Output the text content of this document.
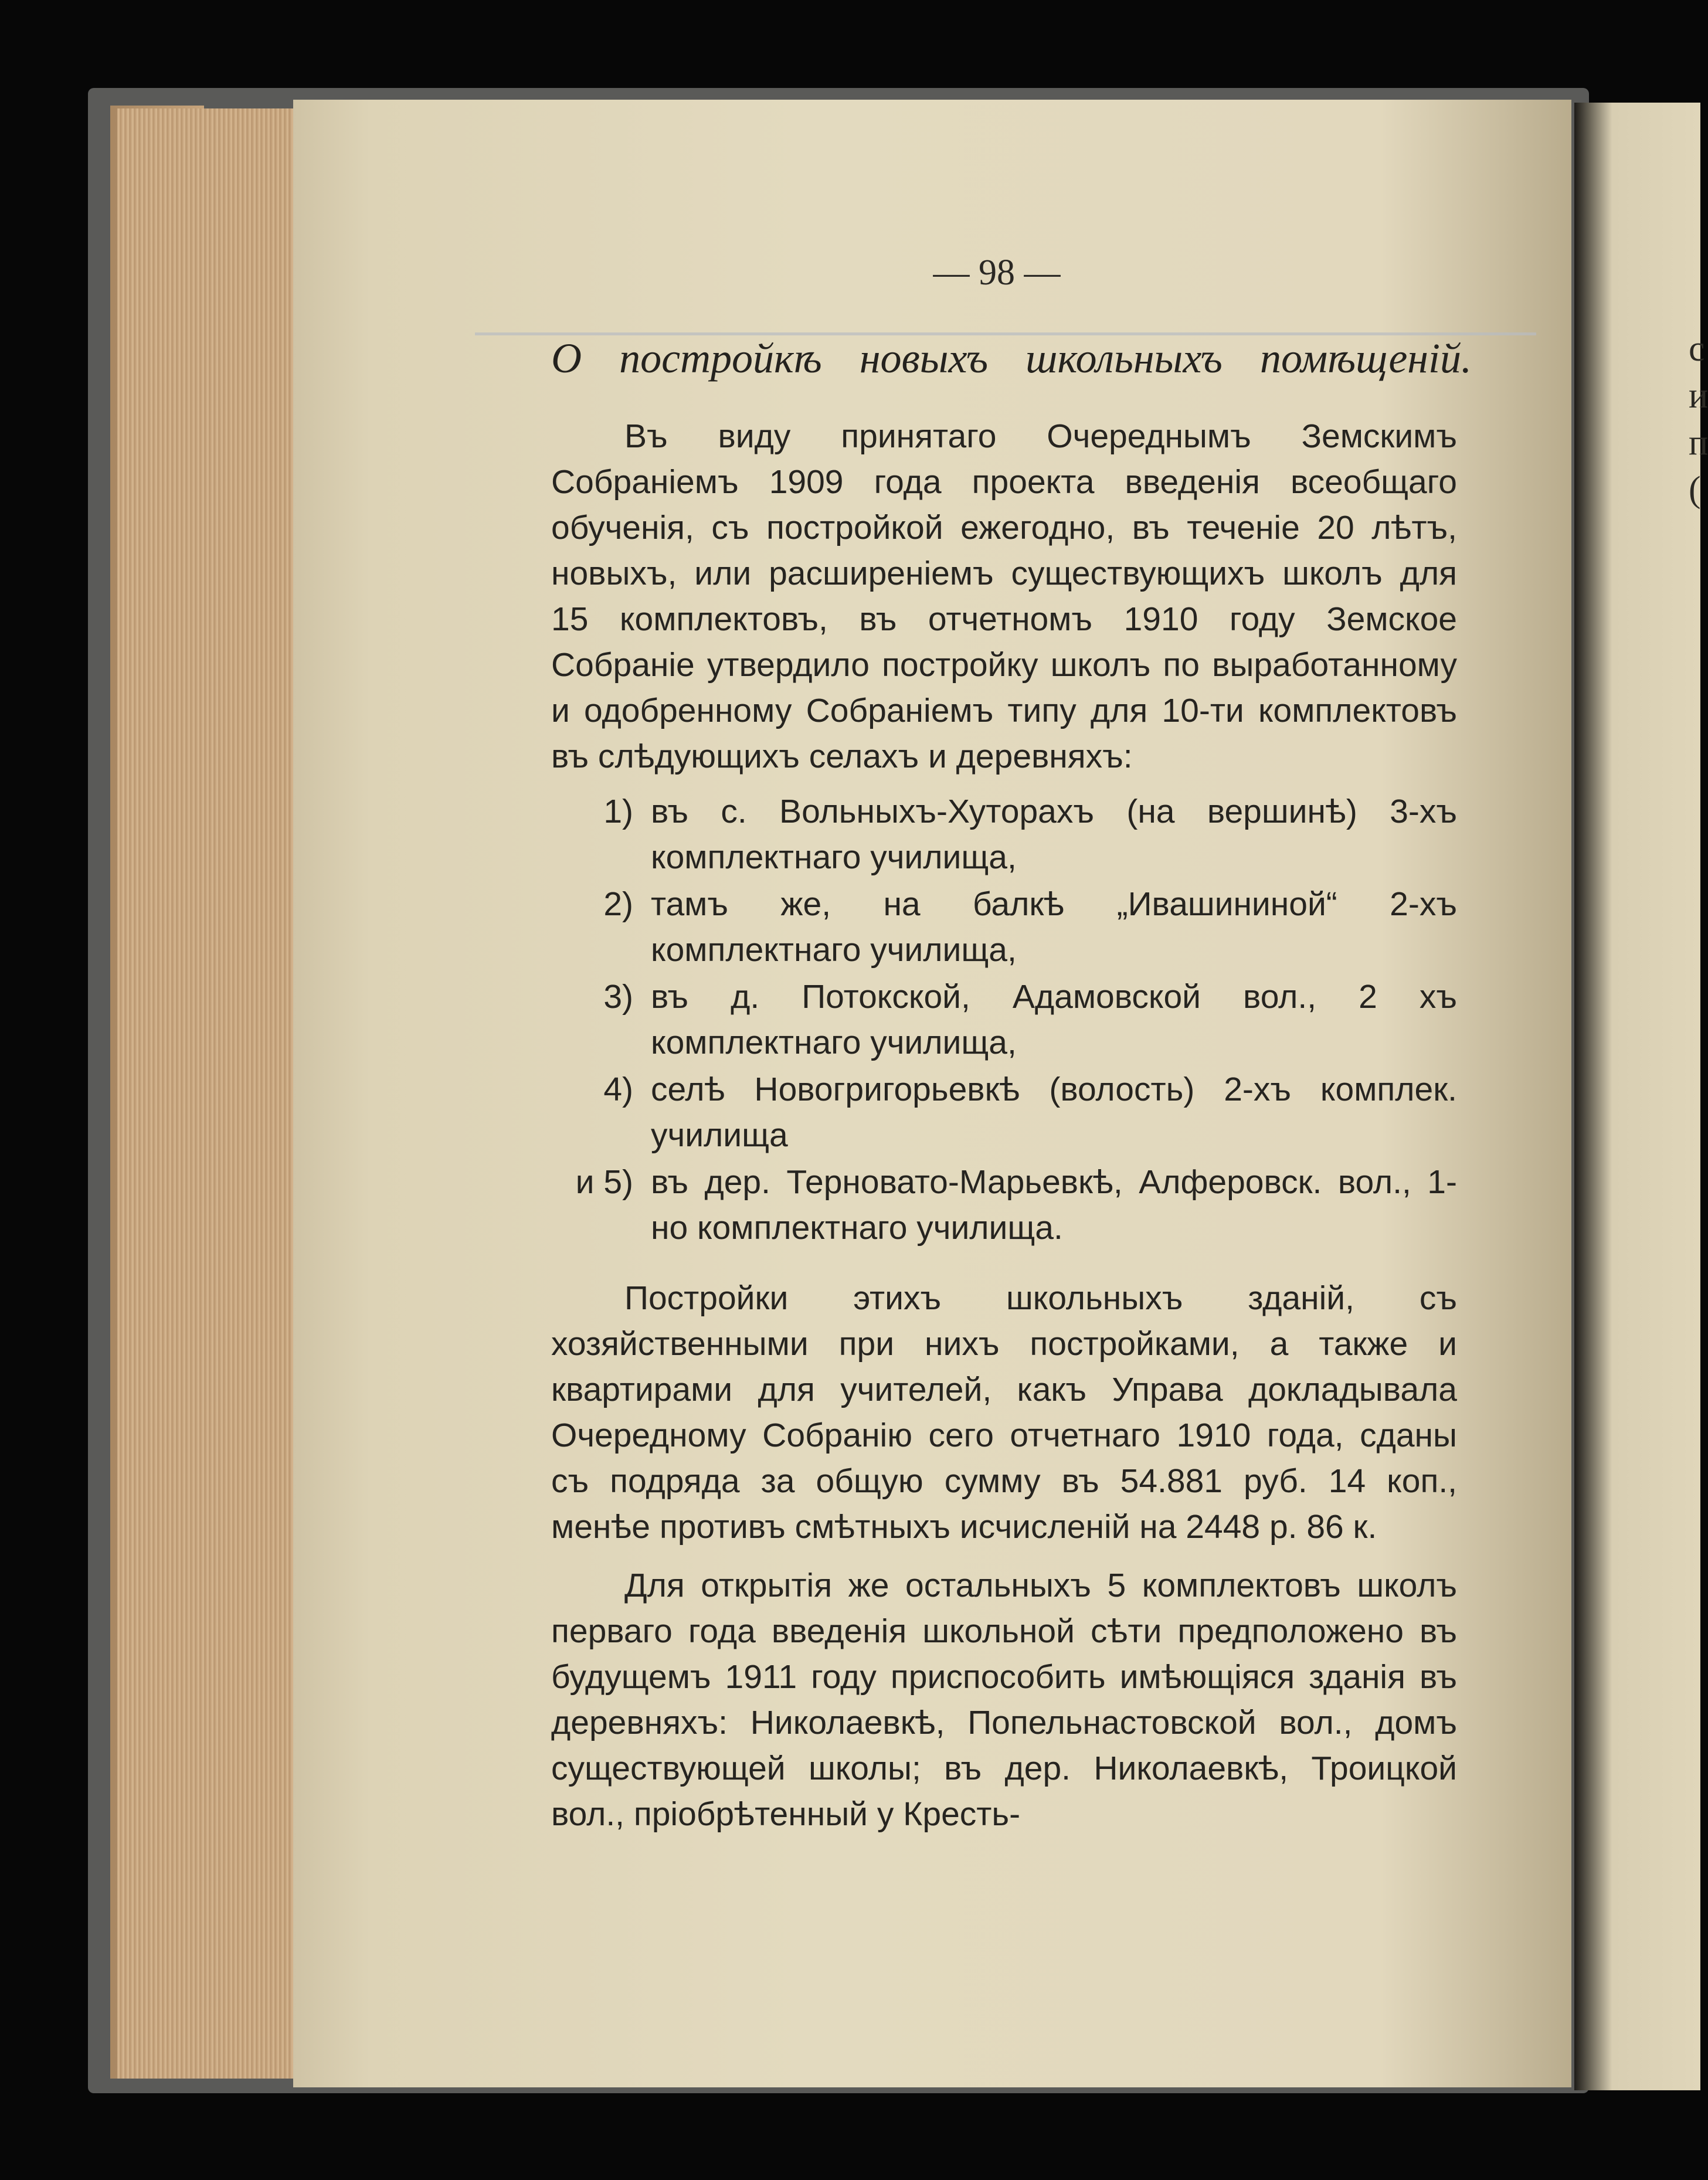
с
и
п
(
— 98 —
О постройкѣ новыхъ школьныхъ помѣщеній.

Въ виду принятаго Очереднымъ Земскимъ Собраніемъ 1909 года проекта введенія всеобщаго обученія, съ постройкой ежегодно, въ теченіе 20 лѣтъ, новыхъ, или расширеніемъ существующихъ школъ для 15 комплектовъ, въ отчетномъ 1910 году Земское Собраніе утвердило постройку школъ по выработанному и одобренному Собраніемъ типу для 10-ти комплектовъ въ слѣдующихъ селахъ и деревняхъ:

1) въ с. Вольныхъ-Хуторахъ (на вершинѣ) 3-хъ комплектнаго училища,
2) тамъ же, на балкѣ „Ивашининой“ 2-хъ комплектнаго училища,
3) въ д. Потокской, Адамовской вол., 2 хъ комплектнаго училища,
4) селѣ Новогригорьевкѣ (волость) 2-хъ комплек. училища
и 5) въ дер. Терновато-Марьевкѣ, Алферовск. вол., 1-но комплектнаго училища.

Постройки этихъ школьныхъ зданій, съ хозяйственными при нихъ постройками, а также и квартирами для учителей, какъ Управа докладывала Очередному Собранію сего отчетнаго 1910 года, сданы съ подряда за общую сумму въ 54.881 руб. 14 коп., менѣе противъ смѣтныхъ исчисленій на 2448 р. 86 к.

Для открытія же остальныхъ 5 комплектовъ школъ перваго года введенія школьной сѣти предположено въ будущемъ 1911 году приспособить имѣющіяся зданія въ деревняхъ: Николаевкѣ, Попельнастовской вол., домъ существующей школы; въ дер. Николаевкѣ, Троицкой вол., пріобрѣтенный у Кресть-
